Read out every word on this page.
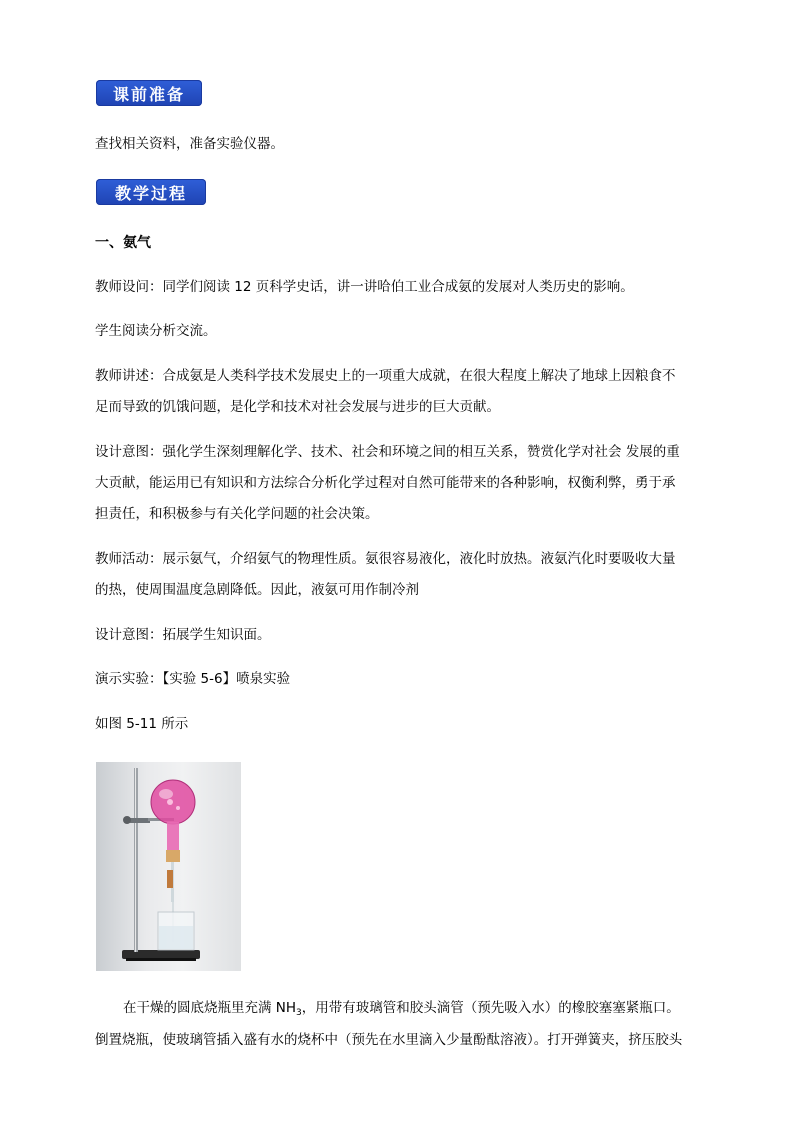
课前准备
查找相关资料，准备实验仪器。
教学过程
一、氨气
教师设问：同学们阅读 12 页科学史话，讲一讲哈伯工业合成氨的发展对人类历史的影响。
学生阅读分析交流。
教师讲述：合成氨是人类科学技术发展史上的一项重大成就，在很大程度上解决了地球上因粮食不
足而导致的饥饿问题，是化学和技术对社会发展与进步的巨大贡献。
设计意图：强化学生深刻理解化学、技术、社会和环境之间的相互关系，赞赏化学对社会 发展的重
大贡献，能运用已有知识和方法综合分析化学过程对自然可能带来的各种影响，权衡利弊，勇于承
担责任，和积极参与有关化学问题的社会决策。
教师活动：展示氨气，介绍氨气的物理性质。氨很容易液化，液化时放热。液氨汽化时要吸收大量
的热，使周围温度急剧降低。因此，液氨可用作制冷剂
设计意图：拓展学生知识面。
演示实验：【实验 5-6】喷泉实验
如图 5-11 所示
在干燥的圆底烧瓶里充满 $NH_3$，用带有玻璃管和胶头滴管（预先吸入水）的橡胶塞塞紧瓶口。
倒置烧瓶，使玻璃管插入盛有水的烧杯中（预先在水里滴入少量酚酞溶液）。打开弹簧夹，挤压胶头
